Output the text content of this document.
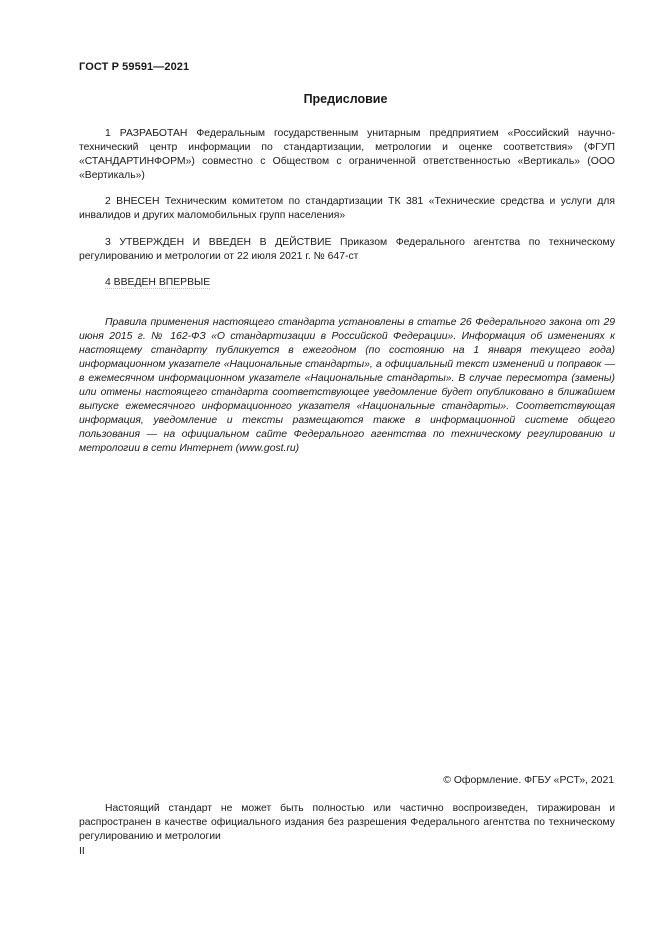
ГОСТ Р 59591—2021
Предисловие
1 РАЗРАБОТАН Федеральным государственным унитарным предприятием «Российский научно-технический центр информации по стандартизации, метрологии и оценке соответствия» (ФГУП «СТАНДАРТИНФОРМ») совместно с Обществом с ограниченной ответственностью «Вертикаль» (ООО «Вертикаль»)
2 ВНЕСЕН Техническим комитетом по стандартизации ТК 381 «Технические средства и услуги для инвалидов и других маломобильных групп населения»
3 УТВЕРЖДЕН И ВВЕДЕН В ДЕЙСТВИЕ Приказом Федерального агентства по техническому регулированию и метрологии от 22 июля 2021 г. № 647-ст
4 ВВЕДЕН ВПЕРВЫЕ
Правила применения настоящего стандарта установлены в статье 26 Федерального закона от 29 июня 2015 г. № 162-ФЗ «О стандартизации в Российской Федерации». Информация об изменениях к настоящему стандарту публикуется в ежегодном (по состоянию на 1 января текущего года) информационном указателе «Национальные стандарты», а официальный текст изменений и поправок — в ежемесячном информационном указателе «Национальные стандарты». В случае пересмотра (замены) или отмены настоящего стандарта соответствующее уведомление будет опубликовано в ближайшем выпуске ежемесячного информационного указателя «Национальные стандарты». Соответствующая информация, уведомление и тексты размещаются также в информационной системе общего пользования — на официальном сайте Федерального агентства по техническому регулированию и метрологии в сети Интернет (www.gost.ru)
© Оформление. ФГБУ «РСТ», 2021
Настоящий стандарт не может быть полностью или частично воспроизведен, тиражирован и распространен в качестве официального издания без разрешения Федерального агентства по техническому регулированию и метрологии
II
